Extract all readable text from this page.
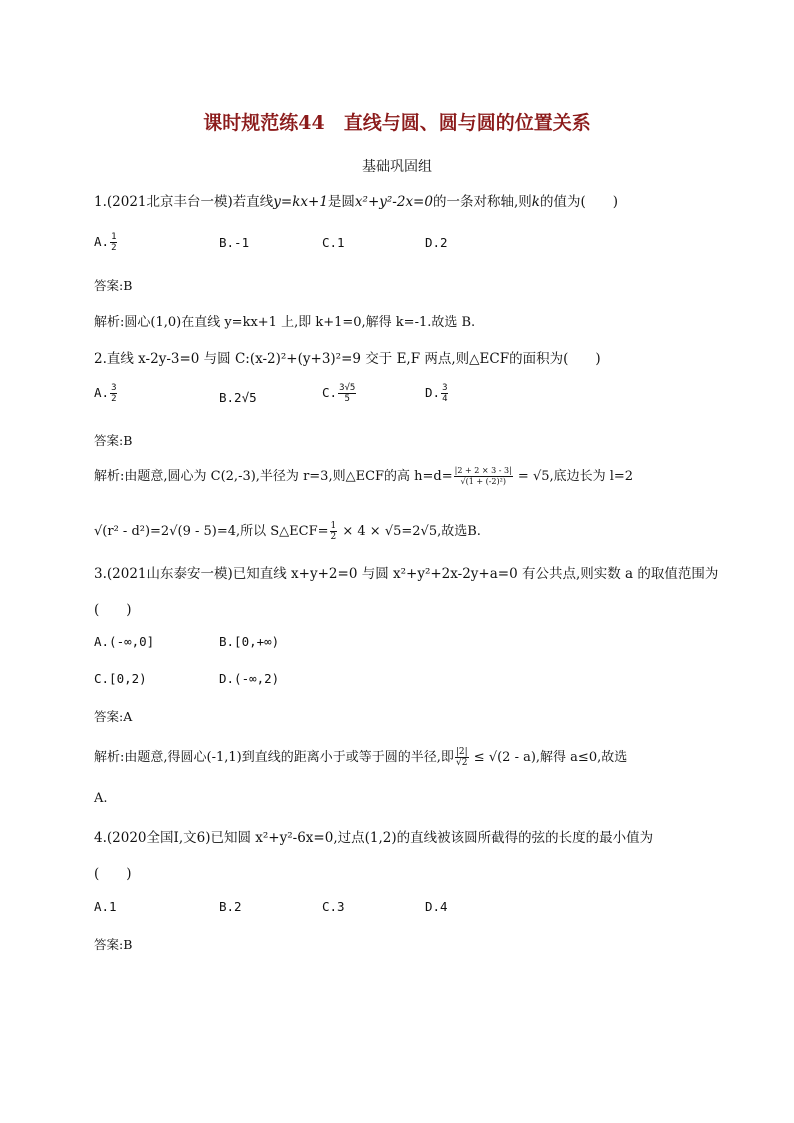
课时规范练44　直线与圆、圆与圆的位置关系
基础巩固组
1.(2021北京丰台一模)若直线y=kx+1是圆x²+y²-2x=0的一条对称轴,则k的值为(　　)
A. $\frac{1}{2}$	B.-1	C.1	D.2
答案:B
解析:圆心(1,0)在直线 y=kx+1 上,即 k+1=0,解得 k=-1.故选 B.
2.直线 x-2y-3=0 与圆 C:(x-2)²+(y+3)²=9 交于 E,F 两点,则△ECF的面积为(　　)
A. $\frac{3}{2}$	B.2√5	C. $\frac{3√5}{5}$	D. $\frac{3}{4}$
答案:B
解析:由题意,圆心为 C(2,-3),半径为 r=3,则△ECF的高 $h=d= \frac{|2 + 2 \times 3 - 3|}{\text{√(1 + (-2)²)}} = √5$,底边长为 l=2
√(r² - d²)=2√(9 - 5)=4,所以 S△ECF= $\frac{1}{2} \times 4 \times √5=2√5$,故选B.
3.(2021山东泰安一模)已知直线 x+y+2=0 与圆 x²+y²+2x-2y+a=0 有公共点,则实数 a 的取值范围为
(　　)
A.(-∞,0]	B.[0,+∞)
C.[0,2)	D.(-∞,2)
答案:A
解析:由题意,得圆心(-1,1)到直线的距离小于或等于圆的半径,即 $\frac{|2|}{√2} \le √(2 - a)$,解得 a≤0,故选
A.
4.(2020全国Ⅰ,文6)已知圆 x²+y²-6x=0,过点(1,2)的直线被该圆所截得的弦的长度的最小值为
(　　)
A.1	B.2	C.3	D.4
答案:B
